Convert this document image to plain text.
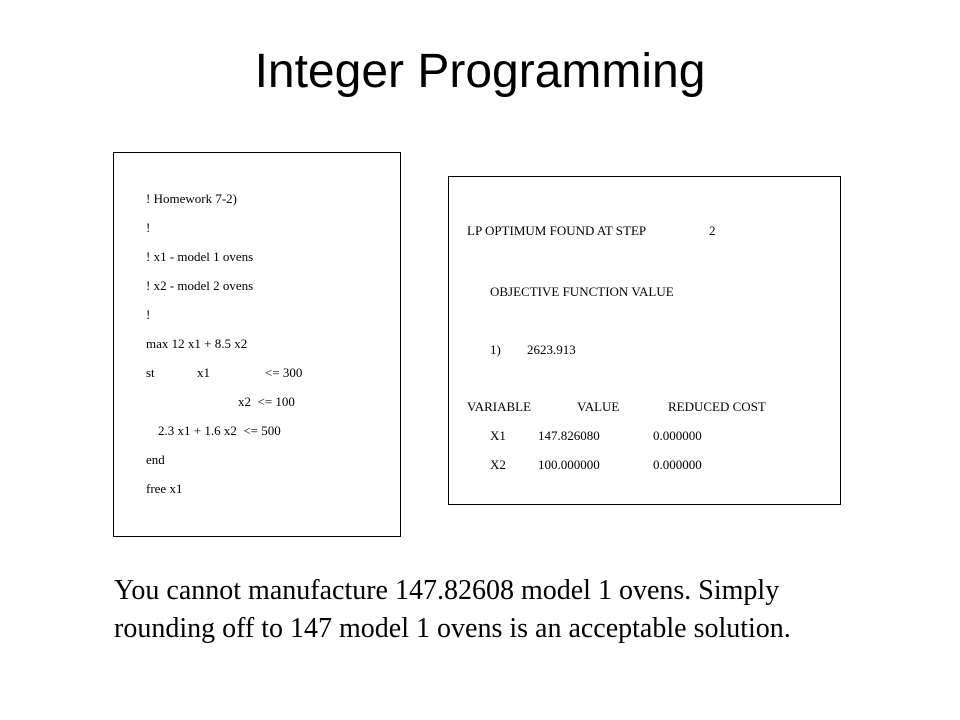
Integer Programming
! Homework 7-2)
!
! x1 - model 1 ovens
! x2 - model 2 ovens
!
max 12 x1 + 8.5 x2
st	x1	<= 300
x2  <= 100
2.3 x1 + 1.6 x2  <= 500
end
free x1
LP OPTIMUM FOUND AT STEP	2
OBJECTIVE FUNCTION VALUE
1) 2623.913
VARIABLE	VALUE	REDUCED COST
X1 147.826080	0.000000
X2 100.000000	0.000000
You cannot manufacture 147.82608 model 1 ovens. Simply
rounding off to 147 model 1 ovens is an acceptable solution.
